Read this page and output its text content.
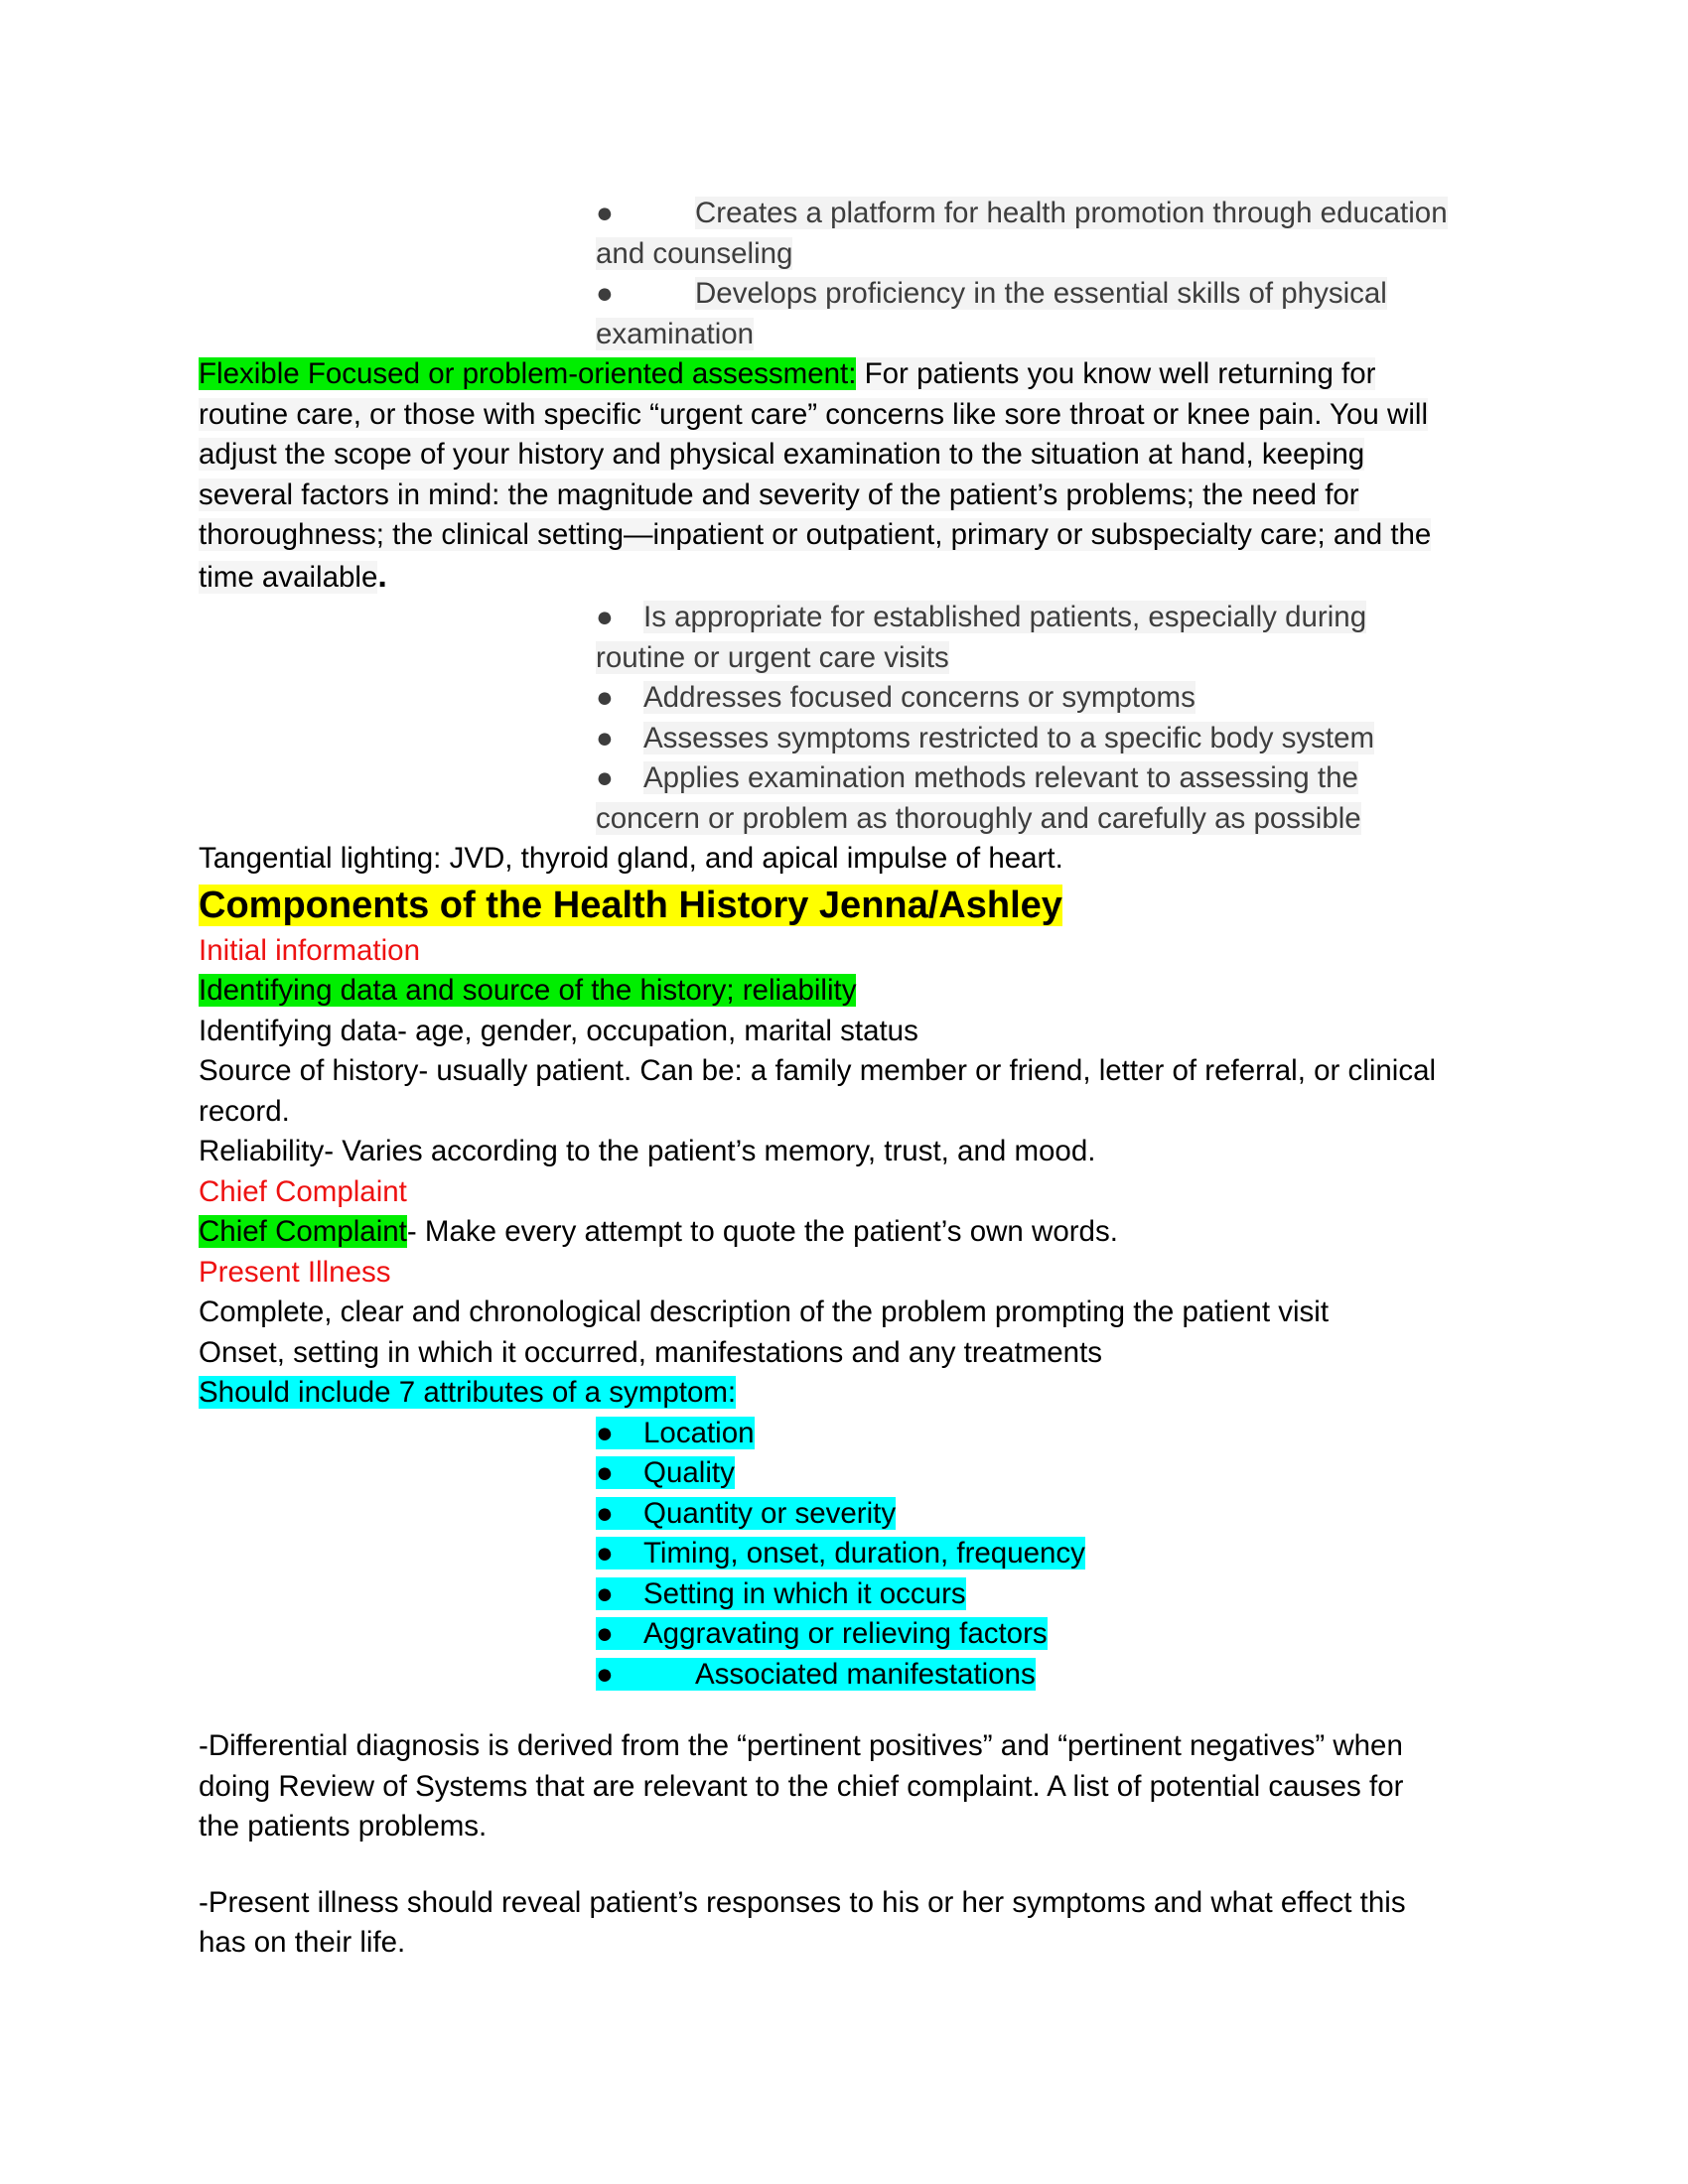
●	Creates a platform for health promotion through education
and counseling
●	Develops proficiency in the essential skills of physical
examination
Flexible Focused or problem-oriented assessment: For patients you know well returning for
routine care, or those with specific “urgent care” concerns like sore throat or knee pain. You will
adjust the scope of your history and physical examination to the situation at hand, keeping
several factors in mind: the magnitude and severity of the patient’s problems; the need for
thoroughness; the clinical setting—inpatient or outpatient, primary or subspecialty care; and the
time available.
● Is appropriate for established patients, especially during
routine or urgent care visits
● Addresses focused concerns or symptoms
● Assesses symptoms restricted to a specific body system
● Applies examination methods relevant to assessing the
concern or problem as thoroughly and carefully as possible
Tangential lighting: JVD, thyroid gland, and apical impulse of heart.
Components of the Health History Jenna/Ashley
Initial information
Identifying data and source of the history; reliability
Identifying data- age, gender, occupation, marital status
Source of history- usually patient. Can be: a family member or friend, letter of referral, or clinical
record.
Reliability- Varies according to the patient’s memory, trust, and mood.
Chief Complaint
Chief Complaint- Make every attempt to quote the patient’s own words.
Present Illness
Complete, clear and chronological description of the problem prompting the patient visit
Onset, setting in which it occurred, manifestations and any treatments
Should include 7 attributes of a symptom:
● Location
● Quality
● Quantity or severity
● Timing, onset, duration, frequency
● Setting in which it occurs
● Aggravating or relieving factors
●	Associated manifestations
-Differential diagnosis is derived from the “pertinent positives” and “pertinent negatives” when
doing Review of Systems that are relevant to the chief complaint. A list of potential causes for
the patients problems.
-Present illness should reveal patient’s responses to his or her symptoms and what effect this
has on their life.
